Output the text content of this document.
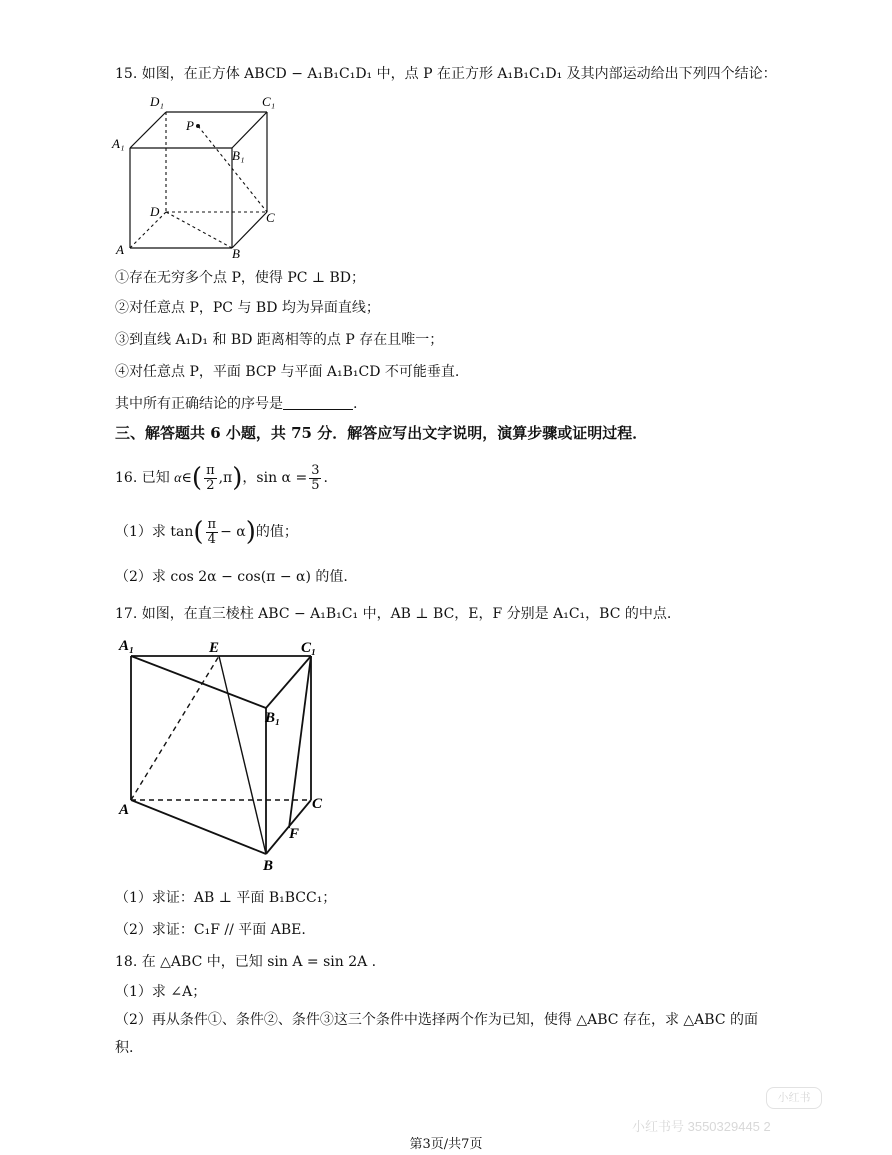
15. 如图，在正方体 ABCD − A₁B₁C₁D₁ 中，点 P 在正方形 A₁B₁C₁D₁ 及其内部运动给出下列四个结论：
D₁	C₁
A₁
B₁
P
D	C
A	B
①存在无穷多个点 P，使得 PC ⊥ BD；
②对任意点 P，PC 与 BD 均为异面直线；
③到直线 A₁D₁ 和 BD 距离相等的点 P 存在且唯一；
④对任意点 P，平面 BCP 与平面 A₁B₁CD 不可能垂直.
其中所有正确结论的序号是	.
三、解答题共 6 小题，共 75 分．解答应写出文字说明，演算步骤或证明过程．
16. 已知 α∈( $\frac{\pi}{2} ,\pi$)，$\sin \alpha = \frac{3}{5}$ .
（1）求 $\tan( \frac{\pi}{4} - \alpha)$的值；
（2）求 cos 2α − cos(π − α) 的值.
17. 如图，在直三棱柱 ABC − A₁B₁C₁ 中，AB ⊥ BC，E，F 分别是 A₁C₁，BC 的中点.
A₁	E	C₁
B₁
A	C
F
B
（1）求证：AB ⊥ 平面 B₁BCC₁；
（2）求证：C₁F // 平面 ABE.
18. 在 △ABC 中，已知 sin A = sin 2A .
（1）求 ∠A；
（2）再从条件①、条件②、条件③这三个条件中选择两个作为已知，使得 △ABC 存在，求 △ABC 的面
积.
小红书
小红书号 3550329445 2
第3页/共7页
